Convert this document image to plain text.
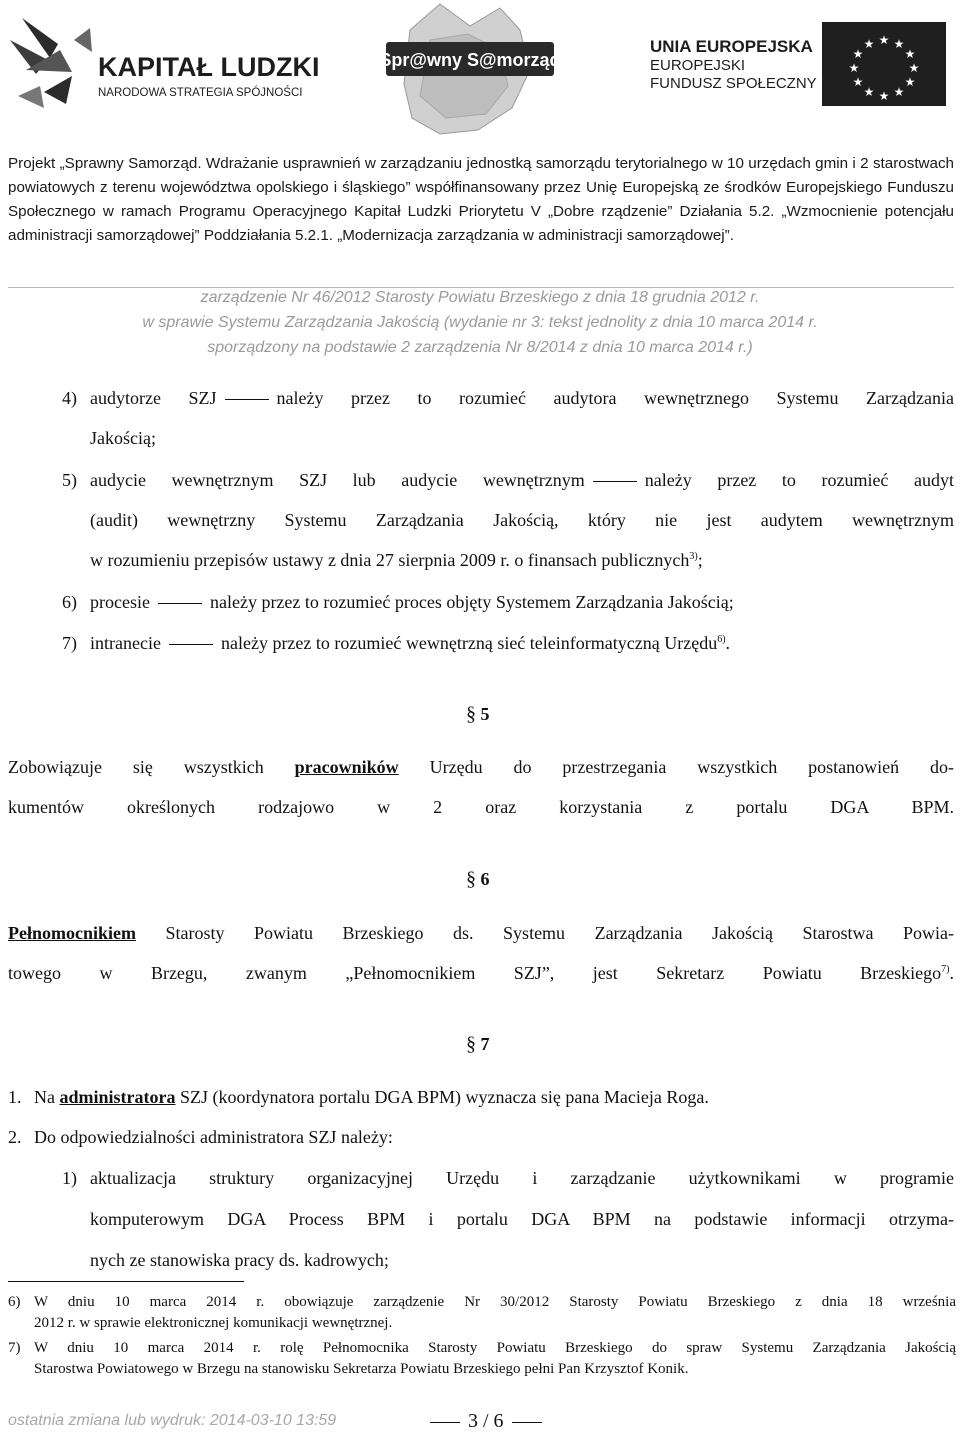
KAPITAŁ LUDZKI
NARODOWA STRATEGIA SPÓJNOŚCI
Spr@wny S@morząd
UNIA EUROPEJSKA
EUROPEJSKI
FUNDUSZ SPOŁECZNY
★ ★
★
★
★
★
★
★
★
★
★
★
Projekt „Sprawny Samorząd. Wdrażanie usprawnień w zarządzaniu jednostką samorządu terytorialnego w 10 urzędach gmin i 2 starostwach powiatowych z terenu województwa opolskiego i śląskiego” współfinansowany przez Unię Europejską ze środków Europejskiego Funduszu Społecznego w ramach Programu Operacyjnego Kapitał Ludzki Priorytetu V „Dobre rządzenie” Działania 5.2. „Wzmocnienie potencjału administracji samorządowej” Poddziałania 5.2.1. „Modernizacja zarządzania w administracji samorządowej”.
zarządzenie Nr 46/2012 Starosty Powiatu Brzeskiego z dnia 18 grudnia 2012 r.
w sprawie Systemu Zarządzania Jakością (wydanie nr 3: tekst jednolity z dnia 10 marca 2014 r.
sporządzony na podstawie 2 zarządzenia Nr 8/2014 z dnia 10 marca 2014 r.)
4) audytorze SZJ	należy przez to rozumieć audytora wewnętrznego Systemu Zarządzania
Jakością;
5) audycie wewnętrznym SZJ lub audycie wewnętrznym	należy przez to rozumieć audyt
(audit) wewnętrzny Systemu Zarządzania Jakością, który nie jest audytem wewnętrznym
w rozumieniu przepisów ustawy z dnia 27 sierpnia 2009 r. o finansach publicznych$^{3)}$;
6) procesie	należy przez to rozumieć proces objęty Systemem Zarządzania Jakością;
7) intranecie	należy przez to rozumieć wewnętrzną sieć teleinformatyczną Urzędu$^{6)}$.
§ 5
Zobowiązuje się wszystkich pracowników Urzędu do przestrzegania wszystkich postanowień do-
kumentów określonych rodzajowo w 2 oraz korzystania z portalu DGA BPM.
§ 6
Pełnomocnikiem Starosty Powiatu Brzeskiego ds. Systemu Zarządzania Jakością Starostwa Powia-
towego w Brzegu, zwanym „Pełnomocnikiem SZJ”, jest Sekretarz Powiatu Brzeskiego$^{7)}$.
§ 7
1. Na administratora SZJ (koordynatora portalu DGA BPM) wyznacza się pana Macieja Roga.
2. Do odpowiedzialności administratora SZJ należy:
1) aktualizacja struktury organizacyjnej Urzędu i zarządzanie użytkownikami w programie
komputerowym DGA Process BPM i portalu DGA BPM na podstawie informacji otrzyma-
nych ze stanowiska pracy ds. kadrowych;
6) W dniu 10 marca 2014 r. obowiązuje zarządzenie Nr 30/2012 Starosty Powiatu Brzeskiego z dnia 18 września
2012 r. w sprawie elektronicznej komunikacji wewnętrznej.
7) W dniu 10 marca 2014 r. rolę Pełnomocnika Starosty Powiatu Brzeskiego do spraw Systemu Zarządzania Jakością
Starostwa Powiatowego w Brzegu na stanowisku Sekretarza Powiatu Brzeskiego pełni Pan Krzysztof Konik.
ostatnia zmiana lub wydruk: 2014-03-10 13:59	3 / 6
